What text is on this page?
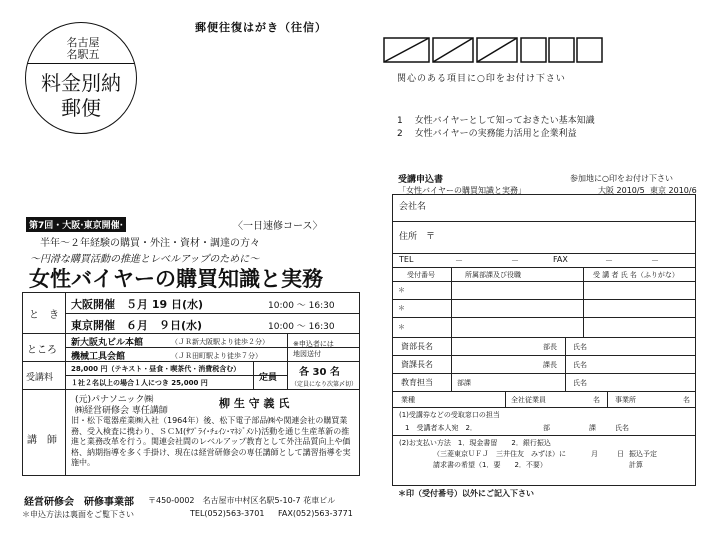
郵便往復はがき（往信）
名古屋
名駅五
料金別納
郵便
第7回・大阪·東京開催·	〈一日速修コース〉
半年～２年経験の購買・外注・資材・調達の方々
～円滑な購買活動の推進とレベルアップのために～
女性バイヤーの購買知識と実務
と　き
大阪開催　５月 19 日(水)	10:00 ～ 16:30
東京開催　６月　９日(水)	10:00 ～ 16:30
ところ
新大阪丸ビル本館	（ＪＲ新大阪駅より徒歩２分）
機械工具会館	（ＪＲ田町駅より徒歩７分）
※申込者には
地図送付
受講料
28,000 円（テキスト・昼食・喫茶代・消費税含む）
１社２名以上の場合１人につき 25,000 円	定員 各 30 名
（定員になり次第〆切）
講　師
(元)パナソニック㈱
㈱経営研修会 専任講師
柳 生 守 義 氏
旧・松下電器産業㈱入社（1964年）後、松下電子部品㈱や関連会社の購買業務、受入検査に携わり、ＳＣＭ(ｻﾌﾟﾗｲ･ﾁｪｲﾝ･ﾏﾈｼﾞﾒﾝﾄ)活動を通じ生産革新の推進と業務改革を行う。関連会社間のレベルアップ教育として外注品質向上や価格、納期指導を多く手掛け、現在は経営研修会の専任講師として講習指導を実施中。
経営研修会　研修事業部 〒450-0002　名古屋市中村区名駅5-10-7 花車ビル
＊申込方法は裏面をご覧下さい	TEL(052)563-3701 FAX(052)563-3771
関心のある項目に○印をお付け下さい
1　 女性バイヤーとして知っておきたい基本知識
2　 女性バイヤーの実務能力活用と企業利益
受講申込書	参加地に○印をお付け下さい
「女性バイヤーの購買知識と実務」	大阪 2010/5 東京 2010/6
会社名
住所　〒
TEL	－	－	FAX	－	－
受付番号	所属部課及び役職	受 講 者 氏 名（ふりがな）
＊
＊
＊
資部長名	部長 氏名
資課長名	課長 氏名
教育担当	部課	氏名
業種	全社従業員	名 事業所	名
(1)受講券などの受取窓口の担当
1　受講者本人宛　2．	部	課	氏名
(2)お支払い方法　1．現金書留　　2．銀行振込
（三菱東京ＵＦＪ　三井住友　みずほ）に	月	日 振込予定
請求書の希望（1．要　　2．不要）	計算
＊印（受付番号）以外にご記入下さい
